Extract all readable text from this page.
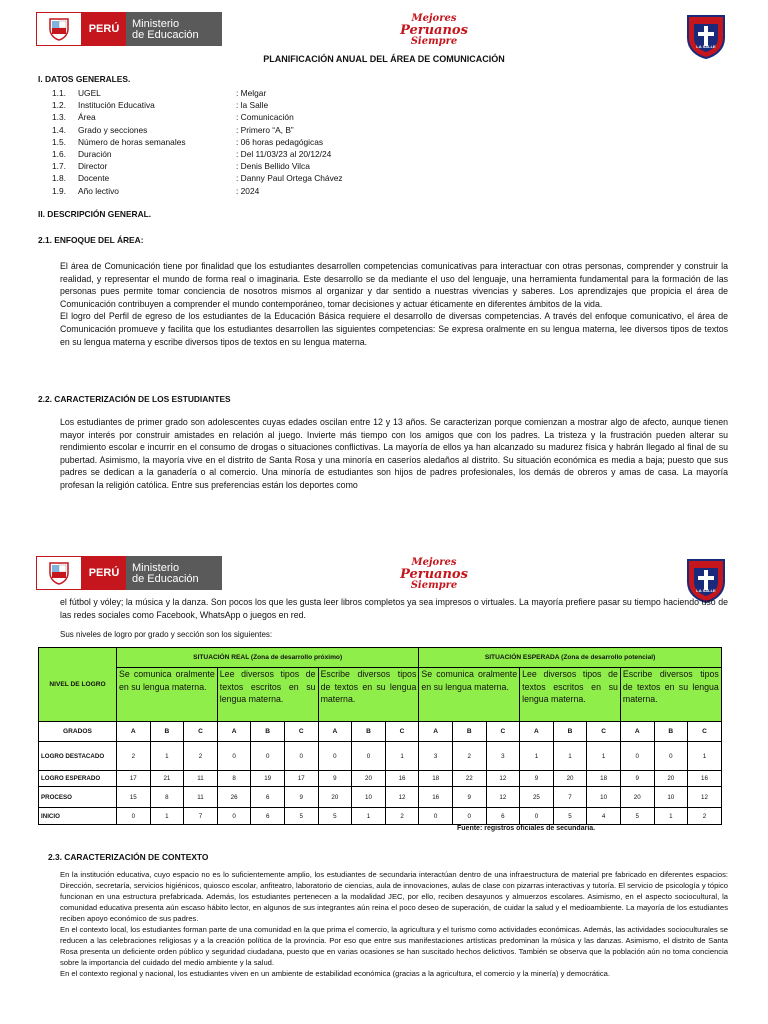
PERÚ	Ministerio
de Educación
Mejores
Peruanos
Siempre	LA SALLE
PLANIFICACIÓN ANUAL DEL ÁREA DE COMUNICACIÓN
I. DATOS GENERALES.
1.1. UGEL	: Melgar
1.2. Institución Educativa	: la Salle
1.3. Área	: Comunicación
1.4. Grado y secciones	: Primero “A, B”
1.5. Número de horas semanales	: 06 horas pedagógicas
1.6. Duración	: Del 11/03/23 al 20/12/24
1.7. Director	: Denis Bellido Vilca
1.8. Docente	: Danny Paul Ortega Chávez
1.9. Año lectivo	: 2024
II. DESCRIPCIÓN GENERAL.
2.1. ENFOQUE DEL ÁREA:

El área de Comunicación tiene por finalidad que los estudiantes desarrollen competencias comunicativas para interactuar con otras personas, comprender y construir la realidad, y representar el mundo de forma real o imaginaria. Este desarrollo se da mediante el uso del lenguaje, una herramienta fundamental para la formación de las personas pues permite tomar conciencia de nosotros mismos al organizar y dar sentido a nuestras vivencias y saberes. Los aprendizajes que propicia el área de Comunicación contribuyen a comprender el mundo contemporáneo, tomar decisiones y actuar éticamente en diferentes ámbitos de la vida.

El logro del Perfil de egreso de los estudiantes de la Educación Básica requiere el desarrollo de diversas competencias. A través del enfoque comunicativo, el área de Comunicación promueve y facilita que los estudiantes desarrollen las siguientes competencias: Se expresa oralmente en su lengua materna, lee diversos tipos de textos en su lengua materna y escribe diversos tipos de textos en su lengua materna.

2.2. CARACTERIZACIÓN DE LOS ESTUDIANTES

Los estudiantes de primer grado son adolescentes cuyas edades oscilan entre 12 y 13 años. Se caracterizan porque comienzan a mostrar algo de afecto, aunque tienen mayor interés por construir amistades en relación al juego. Invierte más tiempo con los amigos que con los padres. La tristeza y la frustración pueden alterar su rendimiento escolar e incurrir en el consumo de drogas o situaciones conflictivas. La mayoría de ellos ya han alcanzado su madurez física y habrán llegado al final de su pubertad. Asimismo, la mayoría vive en el distrito de Santa Rosa y una minoría en caseríos aledaños al distrito. Su situación económica es media a baja; puesto que sus padres se dedican a la ganadería o al comercio. Una minoría de estudiantes son hijos de padres profesionales, los demás de obreros y amas de casa. La mayoría profesan la religión católica. Entre sus preferencias están los deportes como

PERÚ	Ministerio
de Educación
Mejores
Peruanos
Siempre	LA SALLE

el fútbol y vóley; la música y la danza. Son pocos los que les gusta leer libros completos ya sea impresos o virtuales. La mayoría prefiere pasar su tiempo haciendo uso de las redes sociales como Facebook, WhatsApp o juegos en red.

Sus niveles de logro por grado y sección son los siguientes:
NIVEL DE LOGRO	SITUACIÓN REAL (Zona de desarrollo próximo)									SITUACIÓN ESPERADA (Zona de desarrollo potencial)								
	Se comunica oralmente en su lengua materna.			Lee diversos tipos de textos escritos en su lengua materna.			Escribe diversos tipos de textos en su lengua materna.			Se comunica oralmente en su lengua materna.			Lee diversos tipos de textos escritos en su lengua materna.			Escribe diversos tipos de textos en su lengua materna.		
GRADOS	A	B	C	A	B	C	A	B	C	A	B	C	A	B	C	A	B	C
LOGRO DESTACADO	2	1	2	0	0	0	0	0	1	3	2	3	1	1	1	0	0	1
LOGRO ESPERADO	17	21	11	8	19	17	9	20	16	18	22	12	9	20	18	9	20	16
PROCESO	15	8	11	26	6	9	20	10	12	16	9	12	25	7	10	20	10	12
INICIO	0	1	7	0	6	5	5	1	2	0	0	6	0	5	4	5	1	2
Fuente: registros oficiales de secundaria.
2.3. CARACTERIZACIÓN DE CONTEXTO

En la institución educativa, cuyo espacio no es lo suficientemente amplio, los estudiantes de secundaria interactúan dentro de una infraestructura de material pre fabricado en diferentes espacios: Dirección, secretaría, servicios higiénicos, quiosco escolar, anfiteatro, laboratorio de ciencias, aula de innovaciones, aulas de clase con pizarras interactivas y tutoría. El servicio de psicología y tópico funcionan en una estructura prefabricada. Además, los estudiantes pertenecen a la modalidad JEC, por ello, reciben desayunos y almuerzos escolares. Asimismo, en el aspecto sociocultural, la comunidad educativa presenta aún escaso hábito lector, en algunos de sus integrantes aún reina el poco deseo de superación, de cuidar la salud y el medioambiente. La mayoría de los estudiantes reciben apoyo económico de sus padres.

En el contexto local, los estudiantes forman parte de una comunidad en la que prima el comercio, la agricultura y el turismo como actividades económicas. Además, las actividades socioculturales se reducen a las celebraciones religiosas y a la creación política de la provincia. Por eso que entre sus manifestaciones artísticas predominan la música y las danzas. Asimismo, el distrito de Santa Rosa presenta un deficiente orden público y seguridad ciudadana, puesto que en varias ocasiones se han suscitado hechos delictivos. También se observa que la población aún no toma conciencia sobre la importancia del cuidado del medio ambiente y la salud.

En el contexto regional y nacional, los estudiantes viven en un ambiente de estabilidad económica (gracias a la agricultura, el comercio y la minería) y democrática.
